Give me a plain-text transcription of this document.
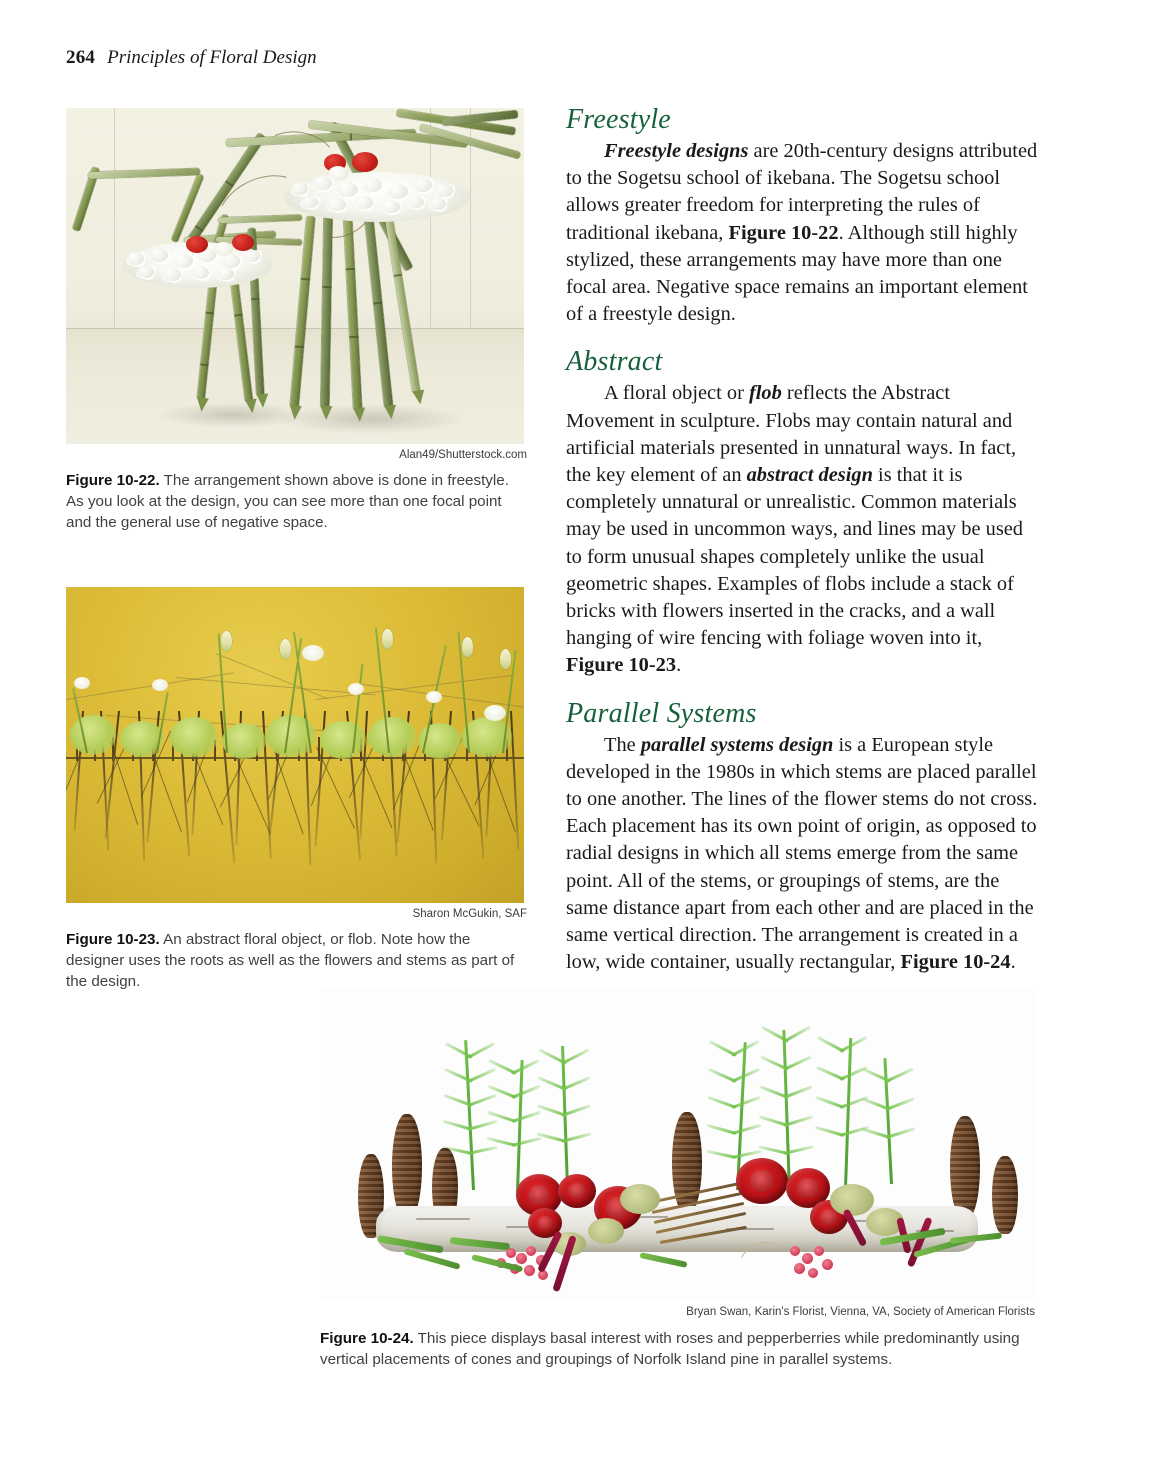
264 Principles of Floral Design
Alan49/Shutterstock.com
Figure 10-22. The arrangement shown above is done in freestyle. As you look at the design, you can see more than one focal point and the general use of negative space.
Sharon McGukin, SAF
Figure 10-23. An abstract floral object, or flob. Note how the designer uses the roots as well as the flowers and stems as part of the design.
Freestyle

Freestyle designs are 20th-century designs attributed to the Sogetsu school of ikebana. The Sogetsu school allows greater freedom for interpreting the rules of traditional ikebana, Figure 10-22. Although still highly stylized, these arrangements may have more than one focal area. Negative space remains an important element of a freestyle design.

Abstract

A floral object or flob reflects the Abstract Movement in sculpture. Flobs may contain natural and artificial materials presented in unnatural ways. In fact, the key element of an abstract design is that it is completely unnatural or unrealistic. Common materials may be used in uncommon ways, and lines may be used to form unusual shapes completely unlike the usual geometric shapes. Examples of flobs include a stack of bricks with flowers inserted in the cracks, and a wall hanging of wire fencing with foliage woven into it, Figure 10-23.

Parallel Systems

The parallel systems design is a European style developed in the 1980s in which stems are placed parallel to one another. The lines of the flower stems do not cross. Each placement has its own point of origin, as opposed to radial designs in which all stems emerge from the same point. All of the stems, or groupings of stems, are the same distance apart from each other and are placed in the same vertical direction. The arrangement is created in a low, wide container, usually rectangular, Figure 10-24.

Bryan Swan, Karin's Florist, Vienna, VA, Society of American Florists
Figure 10-24. This piece displays basal interest with roses and pepperberries while predominantly using vertical placements of cones and groupings of Norfolk Island pine in parallel systems.
